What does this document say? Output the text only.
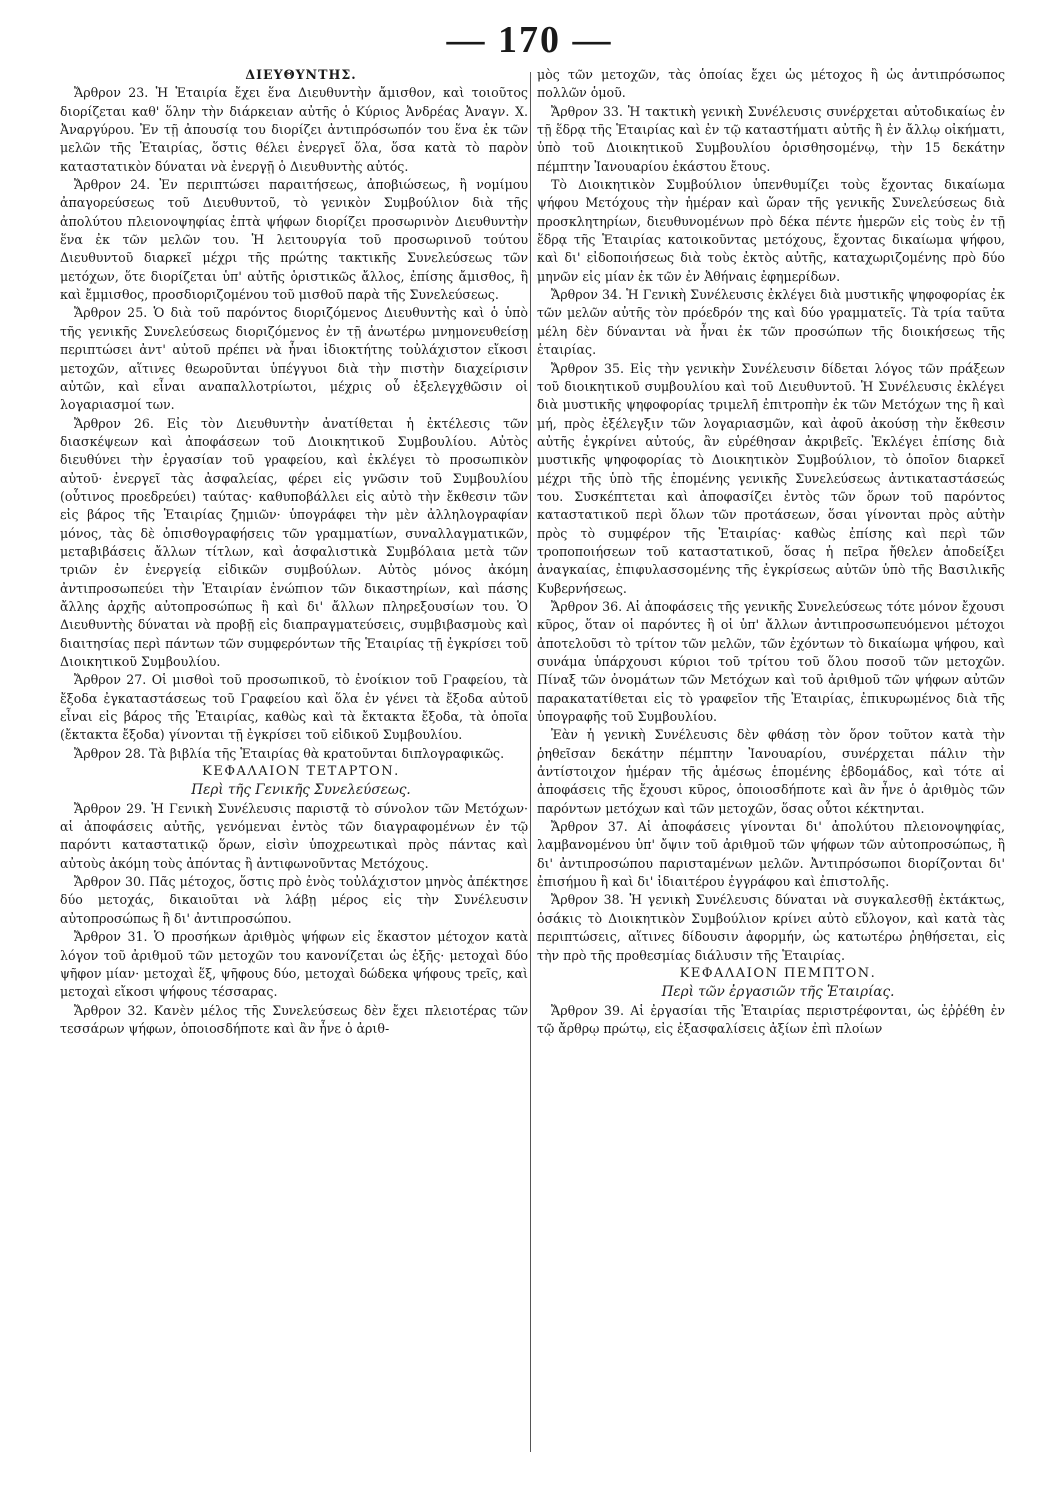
— 170 —

ΔΙΕΥΘΥΝΤΗΣ.

Ἄρθρον 23. Ἡ Ἑταιρία ἔχει ἕνα Διευθυντὴν ἄμισθον, καὶ τοιοῦτος διορίζεται καθ' ὅλην τὴν διάρκειαν αὐτῆς ὁ Κύριος Ἀνδρέας Ἀναγν. Χ. Ἀναργύρου. Ἐν τῇ ἀπουσίᾳ του διορίζει ἀντιπρόσωπόν του ἕνα ἐκ τῶν μελῶν τῆς Ἑταιρίας, ὅστις θέλει ἐνεργεῖ ὅλα, ὅσα κατὰ τὸ παρὸν καταστατικὸν δύναται νὰ ἐνεργῇ ὁ Διευθυντὴς αὐτός.

Ἄρθρον 24. Ἐν περιπτώσει παραιτήσεως, ἀποβιώσεως, ἢ νομίμου ἀπαγορεύσεως τοῦ Διευθυντοῦ, τὸ γενικὸν Συμβούλιον διὰ τῆς ἀπολύτου πλειονοψηφίας ἑπτὰ ψήφων διορίζει προσωρινὸν Διευθυντὴν ἕνα ἐκ τῶν μελῶν του. Ἡ λειτουργία τοῦ προσωρινοῦ τούτου Διευθυντοῦ διαρκεῖ μέχρι τῆς πρώτης τακτικῆς Συνελεύσεως τῶν μετόχων, ὅτε διορίζεται ὑπ' αὐτῆς ὁριστικῶς ἄλλος, ἐπίσης ἄμισθος, ἢ καὶ ἔμμισθος, προσδιοριζομένου τοῦ μισθοῦ παρὰ τῆς Συνελεύσεως.

Ἄρθρον 25. Ὁ διὰ τοῦ παρόντος διοριζόμενος Διευθυντὴς καὶ ὁ ὑπὸ τῆς γενικῆς Συνελεύσεως διοριζόμενος ἐν τῇ ἀνωτέρω μνημονευθείσῃ περιπτώσει ἀντ' αὐτοῦ πρέπει νὰ ἦναι ἰδιοκτήτης τοὐλάχιστον εἴκοσι μετοχῶν, αἵτινες θεωροῦνται ὑπέγγυοι διὰ τὴν πιστὴν διαχείρισιν αὐτῶν, καὶ εἶναι αναπαλλοτρίωτοι, μέχρις οὗ ἐξελεγχθῶσιν οἱ λογαριασμοί των.

Ἄρθρον 26. Εἰς τὸν Διευθυντὴν ἀνατίθεται ἡ ἐκτέλεσις τῶν διασκέψεων καὶ ἀποφάσεων τοῦ Διοικητικοῦ Συμβουλίου. Αὐτὸς διευθύνει τὴν ἐργασίαν τοῦ γραφείου, καὶ ἐκλέγει τὸ προσωπικὸν αὐτοῦ· ἐνεργεῖ τὰς ἀσφαλείας, φέρει εἰς γνῶσιν τοῦ Συμβουλίου (οὗτινος προεδρεύει) ταύτας· καθυποβάλλει εἰς αὐτὸ τὴν ἔκθεσιν τῶν εἰς βάρος τῆς Ἑταιρίας ζημιῶν· ὑπογράφει τὴν μὲν ἀλληλογραφίαν μόνος, τὰς δὲ ὀπισθογραφήσεις τῶν γραμματίων, συναλλαγματικῶν, μεταβιβάσεις ἄλλων τίτλων, καὶ ἀσφαλιστικὰ Συμβόλαια μετὰ τῶν τριῶν ἐν ἐνεργείᾳ εἰδικῶν συμβούλων. Αὐτὸς μόνος ἀκόμη ἀντιπροσωπεύει τὴν Ἑταιρίαν ἐνώπιον τῶν δικαστηρίων, καὶ πάσης ἄλλης ἀρχῆς αὐτοπροσώπως ἢ καὶ δι' ἄλλων πληρεξουσίων του. Ὁ Διευθυντὴς δύναται νὰ προβῇ εἰς διαπραγματεύσεις, συμβιβασμοὺς καὶ διαιτησίας περὶ πάντων τῶν συμφερόντων τῆς Ἑταιρίας τῇ ἐγκρίσει τοῦ Διοικητικοῦ Συμβουλίου.

Ἄρθρον 27. Οἱ μισθοὶ τοῦ προσωπικοῦ, τὸ ἐνοίκιον τοῦ Γραφείου, τὰ ἔξοδα ἐγκαταστάσεως τοῦ Γραφείου καὶ ὅλα ἐν γένει τὰ ἔξοδα αὐτοῦ εἶναι εἰς βάρος τῆς Ἑταιρίας, καθὼς καὶ τὰ ἔκτακτα ἔξοδα, τὰ ὁποῖα (ἔκτακτα ἔξοδα) γίνονται τῇ ἐγκρίσει τοῦ εἰδικοῦ Συμβουλίου.

Ἄρθρον 28. Τὰ βιβλία τῆς Ἑταιρίας θὰ κρατοῦνται διπλογραφικῶς.

ΚΕΦΑΛΑΙΟΝ ΤΕΤΑΡΤΟΝ.

Περὶ τῆς Γενικῆς Συνελεύσεως.

Ἄρθρον 29. Ἡ Γενικὴ Συνέλευσις παριστᾷ τὸ σύνολον τῶν Μετόχων· αἱ ἀποφάσεις αὐτῆς, γενόμεναι ἐντὸς τῶν διαγραφομένων ἐν τῷ παρόντι καταστατικῷ ὅρων, εἰσὶν ὑποχρεωτικαὶ πρὸς πάντας καὶ αὐτοὺς ἀκόμη τοὺς ἀπόντας ἢ ἀντιφωνοῦντας Μετόχους.

Ἄρθρον 30. Πᾶς μέτοχος, ὅστις πρὸ ἑνὸς τοὐλάχιστον μηνὸς ἀπέκτησε δύο μετοχάς, δικαιοῦται νὰ λάβῃ μέρος εἰς τὴν Συνέλευσιν αὐτοπροσώπως ἢ δι' ἀντιπροσώπου.

Ἄρθρον 31. Ὁ προσήκων ἀριθμὸς ψήφων εἰς ἕκαστον μέτοχον κατὰ λόγον τοῦ ἀριθμοῦ τῶν μετοχῶν του κανονίζεται ὡς ἑξῆς· μετοχαὶ δύο ψῆφον μίαν· μετοχαὶ ἕξ, ψῆφους δύο, μετοχαὶ δώδεκα ψήφους τρεῖς, καὶ μετοχαὶ εἴκοσι ψήφους τέσσαρας.

Ἄρθρον 32. Κανὲν μέλος τῆς Συνελεύσεως δὲν ἔχει πλειοτέρας τῶν τεσσάρων ψήφων, ὁποιοσδήποτε καὶ ἂν ἦνε ὁ ἀριθ-

μὸς τῶν μετοχῶν, τὰς ὁποίας ἔχει ὡς μέτοχος ἢ ὡς ἀντιπρόσωπος πολλῶν ὁμοῦ.

Ἄρθρον 33. Ἡ τακτικὴ γενικὴ Συνέλευσις συνέρχεται αὐτοδικαίως ἐν τῇ ἕδρᾳ τῆς Ἑταιρίας καὶ ἐν τῷ καταστήματι αὐτῆς ἢ ἐν ἄλλῳ οἰκήματι, ὑπὸ τοῦ Διοικητικοῦ Συμβουλίου ὁρισθησομένῳ, τὴν 15 δεκάτην πέμπτην Ἰανουαρίου ἑκάστου ἔτους.

Τὸ Διοικητικὸν Συμβούλιον ὑπενθυμίζει τοὺς ἔχοντας δικαίωμα ψήφου Μετόχους τὴν ἡμέραν καὶ ὥραν τῆς γενικῆς Συνελεύσεως διὰ προσκλητηρίων, διευθυνομένων πρὸ δέκα πέντε ἡμερῶν εἰς τοὺς ἐν τῇ ἕδρᾳ τῆς Ἑταιρίας κατοικοῦντας μετόχους, ἔχοντας δικαίωμα ψήφου, καὶ δι' εἰδοποιήσεως διὰ τοὺς ἐκτὸς αὐτῆς, καταχωριζομένης πρὸ δύο μηνῶν εἰς μίαν ἐκ τῶν ἐν Ἀθήναις ἐφημερίδων.

Ἄρθρον 34. Ἡ Γενικὴ Συνέλευσις ἐκλέγει διὰ μυστικῆς ψηφοφορίας ἐκ τῶν μελῶν αὐτῆς τὸν πρόεδρόν της καὶ δύο γραμματεῖς. Τὰ τρία ταῦτα μέλη δὲν δύνανται νὰ ἦναι ἐκ τῶν προσώπων τῆς διοικήσεως τῆς ἑταιρίας.

Ἄρθρον 35. Εἰς τὴν γενικὴν Συνέλευσιν δίδεται λόγος τῶν πράξεων τοῦ διοικητικοῦ συμβουλίου καὶ τοῦ Διευθυντοῦ. Ἡ Συνέλευσις ἐκλέγει διὰ μυστικῆς ψηφοφορίας τριμελῆ ἐπιτροπὴν ἐκ τῶν Μετόχων της ἢ καὶ μή, πρὸς ἐξέλεγξιν τῶν λογαριασμῶν, καὶ ἀφοῦ ἀκούσῃ τὴν ἔκθεσιν αὐτῆς ἐγκρίνει αὐτούς, ἂν εὑρέθησαν ἀκριβεῖς. Ἐκλέγει ἐπίσης διὰ μυστικῆς ψηφοφορίας τὸ Διοικητικὸν Συμβούλιον, τὸ ὁποῖον διαρκεῖ μέχρι τῆς ὑπὸ τῆς ἐπομένης γενικῆς Συνελεύσεως ἀντικαταστάσεώς του. Συσκέπτεται καὶ ἀποφασίζει ἐντὸς τῶν ὅρων τοῦ παρόντος καταστατικοῦ περὶ ὅλων τῶν προτάσεων, ὅσαι γίνονται πρὸς αὐτὴν πρὸς τὸ συμφέρον τῆς Ἑταιρίας· καθὼς ἐπίσης καὶ περὶ τῶν τροποποιήσεων τοῦ καταστατικοῦ, ὅσας ἡ πεῖρα ἤθελεν ἀποδείξει ἀναγκαίας, ἐπιφυλασσομένης τῆς ἐγκρίσεως αὐτῶν ὑπὸ τῆς Βασιλικῆς Κυβερνήσεως.

Ἄρθρον 36. Αἱ ἀποφάσεις τῆς γενικῆς Συνελεύσεως τότε μόνον ἔχουσι κῦρος, ὅταν οἱ παρόντες ἢ οἱ ὑπ' ἄλλων ἀντιπροσωπευόμενοι μέτοχοι ἀποτελοῦσι τὸ τρίτον τῶν μελῶν, τῶν ἐχόντων τὸ δικαίωμα ψήφου, καὶ συνάμα ὑπάρχουσι κύριοι τοῦ τρίτου τοῦ ὅλου ποσοῦ τῶν μετοχῶν. Πίναξ τῶν ὀνομάτων τῶν Μετόχων καὶ τοῦ ἀριθμοῦ τῶν ψήφων αὐτῶν παρακατατίθεται εἰς τὸ γραφεῖον τῆς Ἑταιρίας, ἐπικυρωμένος διὰ τῆς ὑπογραφῆς τοῦ Συμβουλίου.

Ἐὰν ἡ γενικὴ Συνέλευσις δὲν φθάσῃ τὸν ὅρον τοῦτον κατὰ τὴν ῥηθεῖσαν δεκάτην πέμπτην Ἰανουαρίου, συνέρχεται πάλιν τὴν ἀντίστοιχον ἡμέραν τῆς ἀμέσως ἑπομένης ἑβδομάδος, καὶ τότε αἱ ἀποφάσεις τῆς ἔχουσι κῦρος, ὁποιοσδήποτε καὶ ἂν ἦνε ὁ ἀριθμὸς τῶν παρόντων μετόχων καὶ τῶν μετοχῶν, ὅσας οὗτοι κέκτηνται.

Ἄρθρον 37. Αἱ ἀποφάσεις γίνονται δι' ἀπολύτου πλειονοψηφίας, λαμβανομένου ὑπ' ὄψιν τοῦ ἀριθμοῦ τῶν ψήφων τῶν αὐτοπροσώπως, ἢ δι' ἀντιπροσώπου παρισταμένων μελῶν. Ἀντιπρόσωποι διορίζονται δι' ἐπισήμου ἢ καὶ δι' ἰδιαιτέρου ἐγγράφου καὶ ἐπιστολῆς.

Ἄρθρον 38. Ἡ γενικὴ Συνέλευσις δύναται νὰ συγκαλεσθῇ ἐκτάκτως, ὁσάκις τὸ Διοικητικὸν Συμβούλιον κρίνει αὐτὸ εὔλογον, καὶ κατὰ τὰς περιπτώσεις, αἵτινες δίδουσιν ἀφορμήν, ὡς κατωτέρω ῥηθήσεται, εἰς τὴν πρὸ τῆς προθεσμίας διάλυσιν τῆς Ἑταιρίας.

ΚΕΦΑΛΑΙΟΝ ΠΕΜΠΤΟΝ.

Περὶ τῶν ἐργασιῶν τῆς Ἑταιρίας.

Ἄρθρον 39. Αἱ ἐργασίαι τῆς Ἑταιρίας περιστρέφονται, ὡς ἐῤῥέθη ἐν τῷ ἄρθρῳ πρώτῳ, εἰς ἐξασφαλίσεις ἀξίων ἐπὶ πλοίων
